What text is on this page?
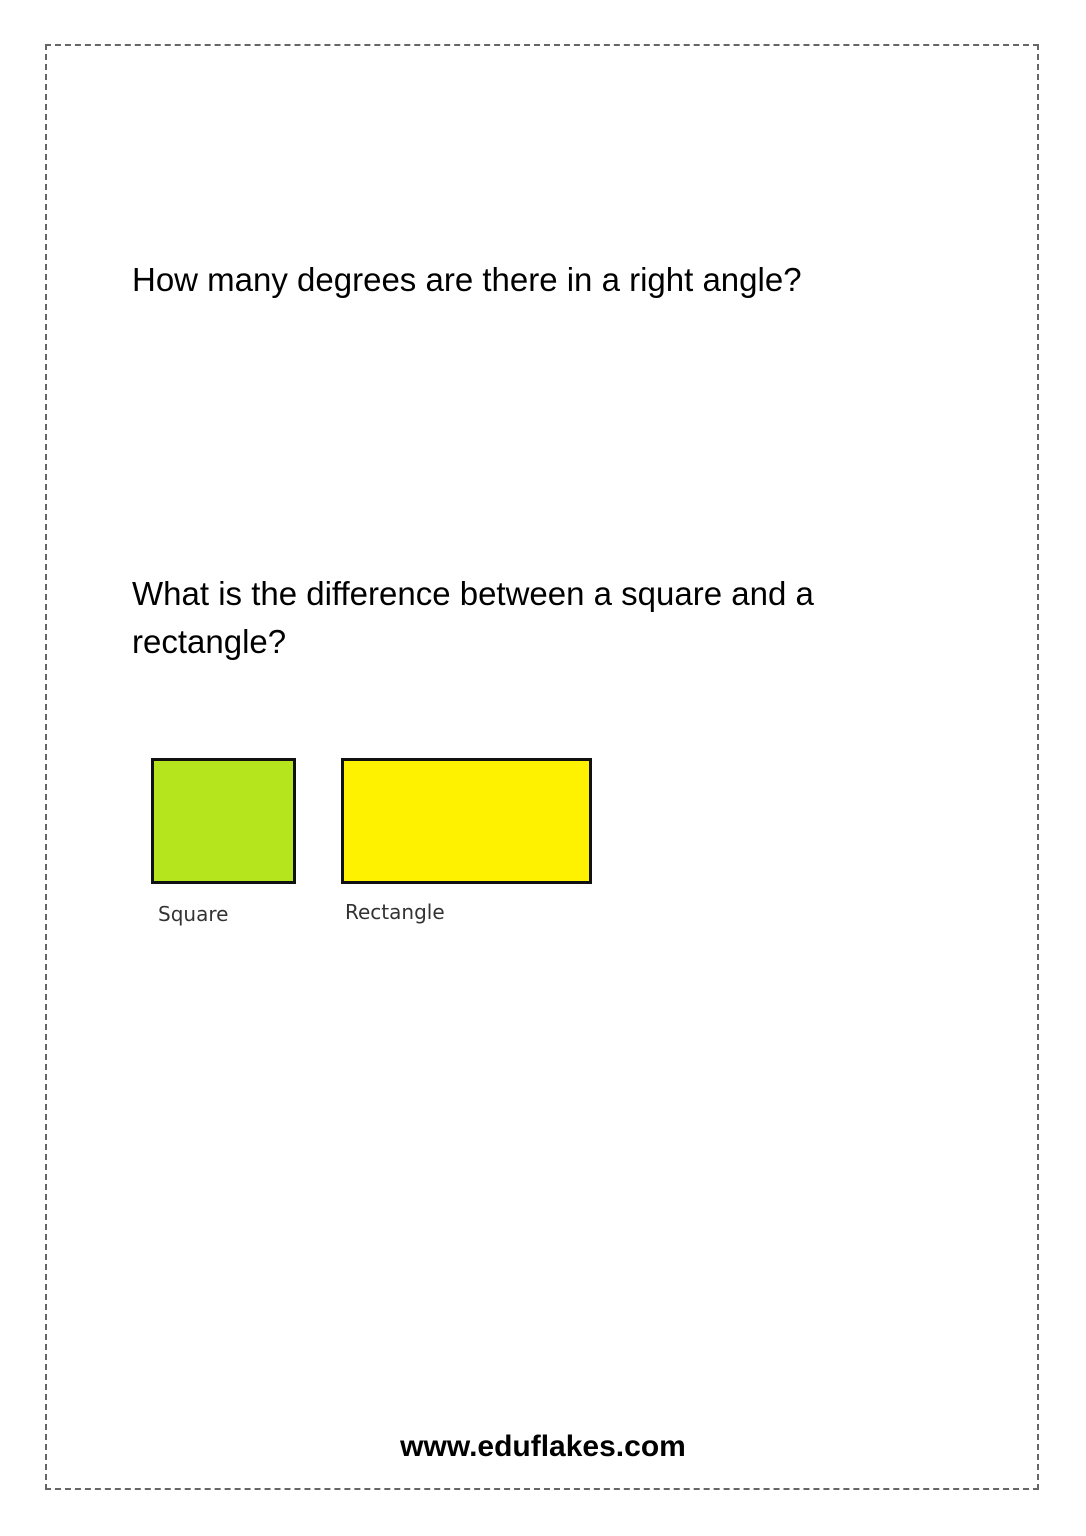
How many degrees are there in a right angle?

What is the difference between a square and a rectangle?

Square	Rectangle

www.eduflakes.com
